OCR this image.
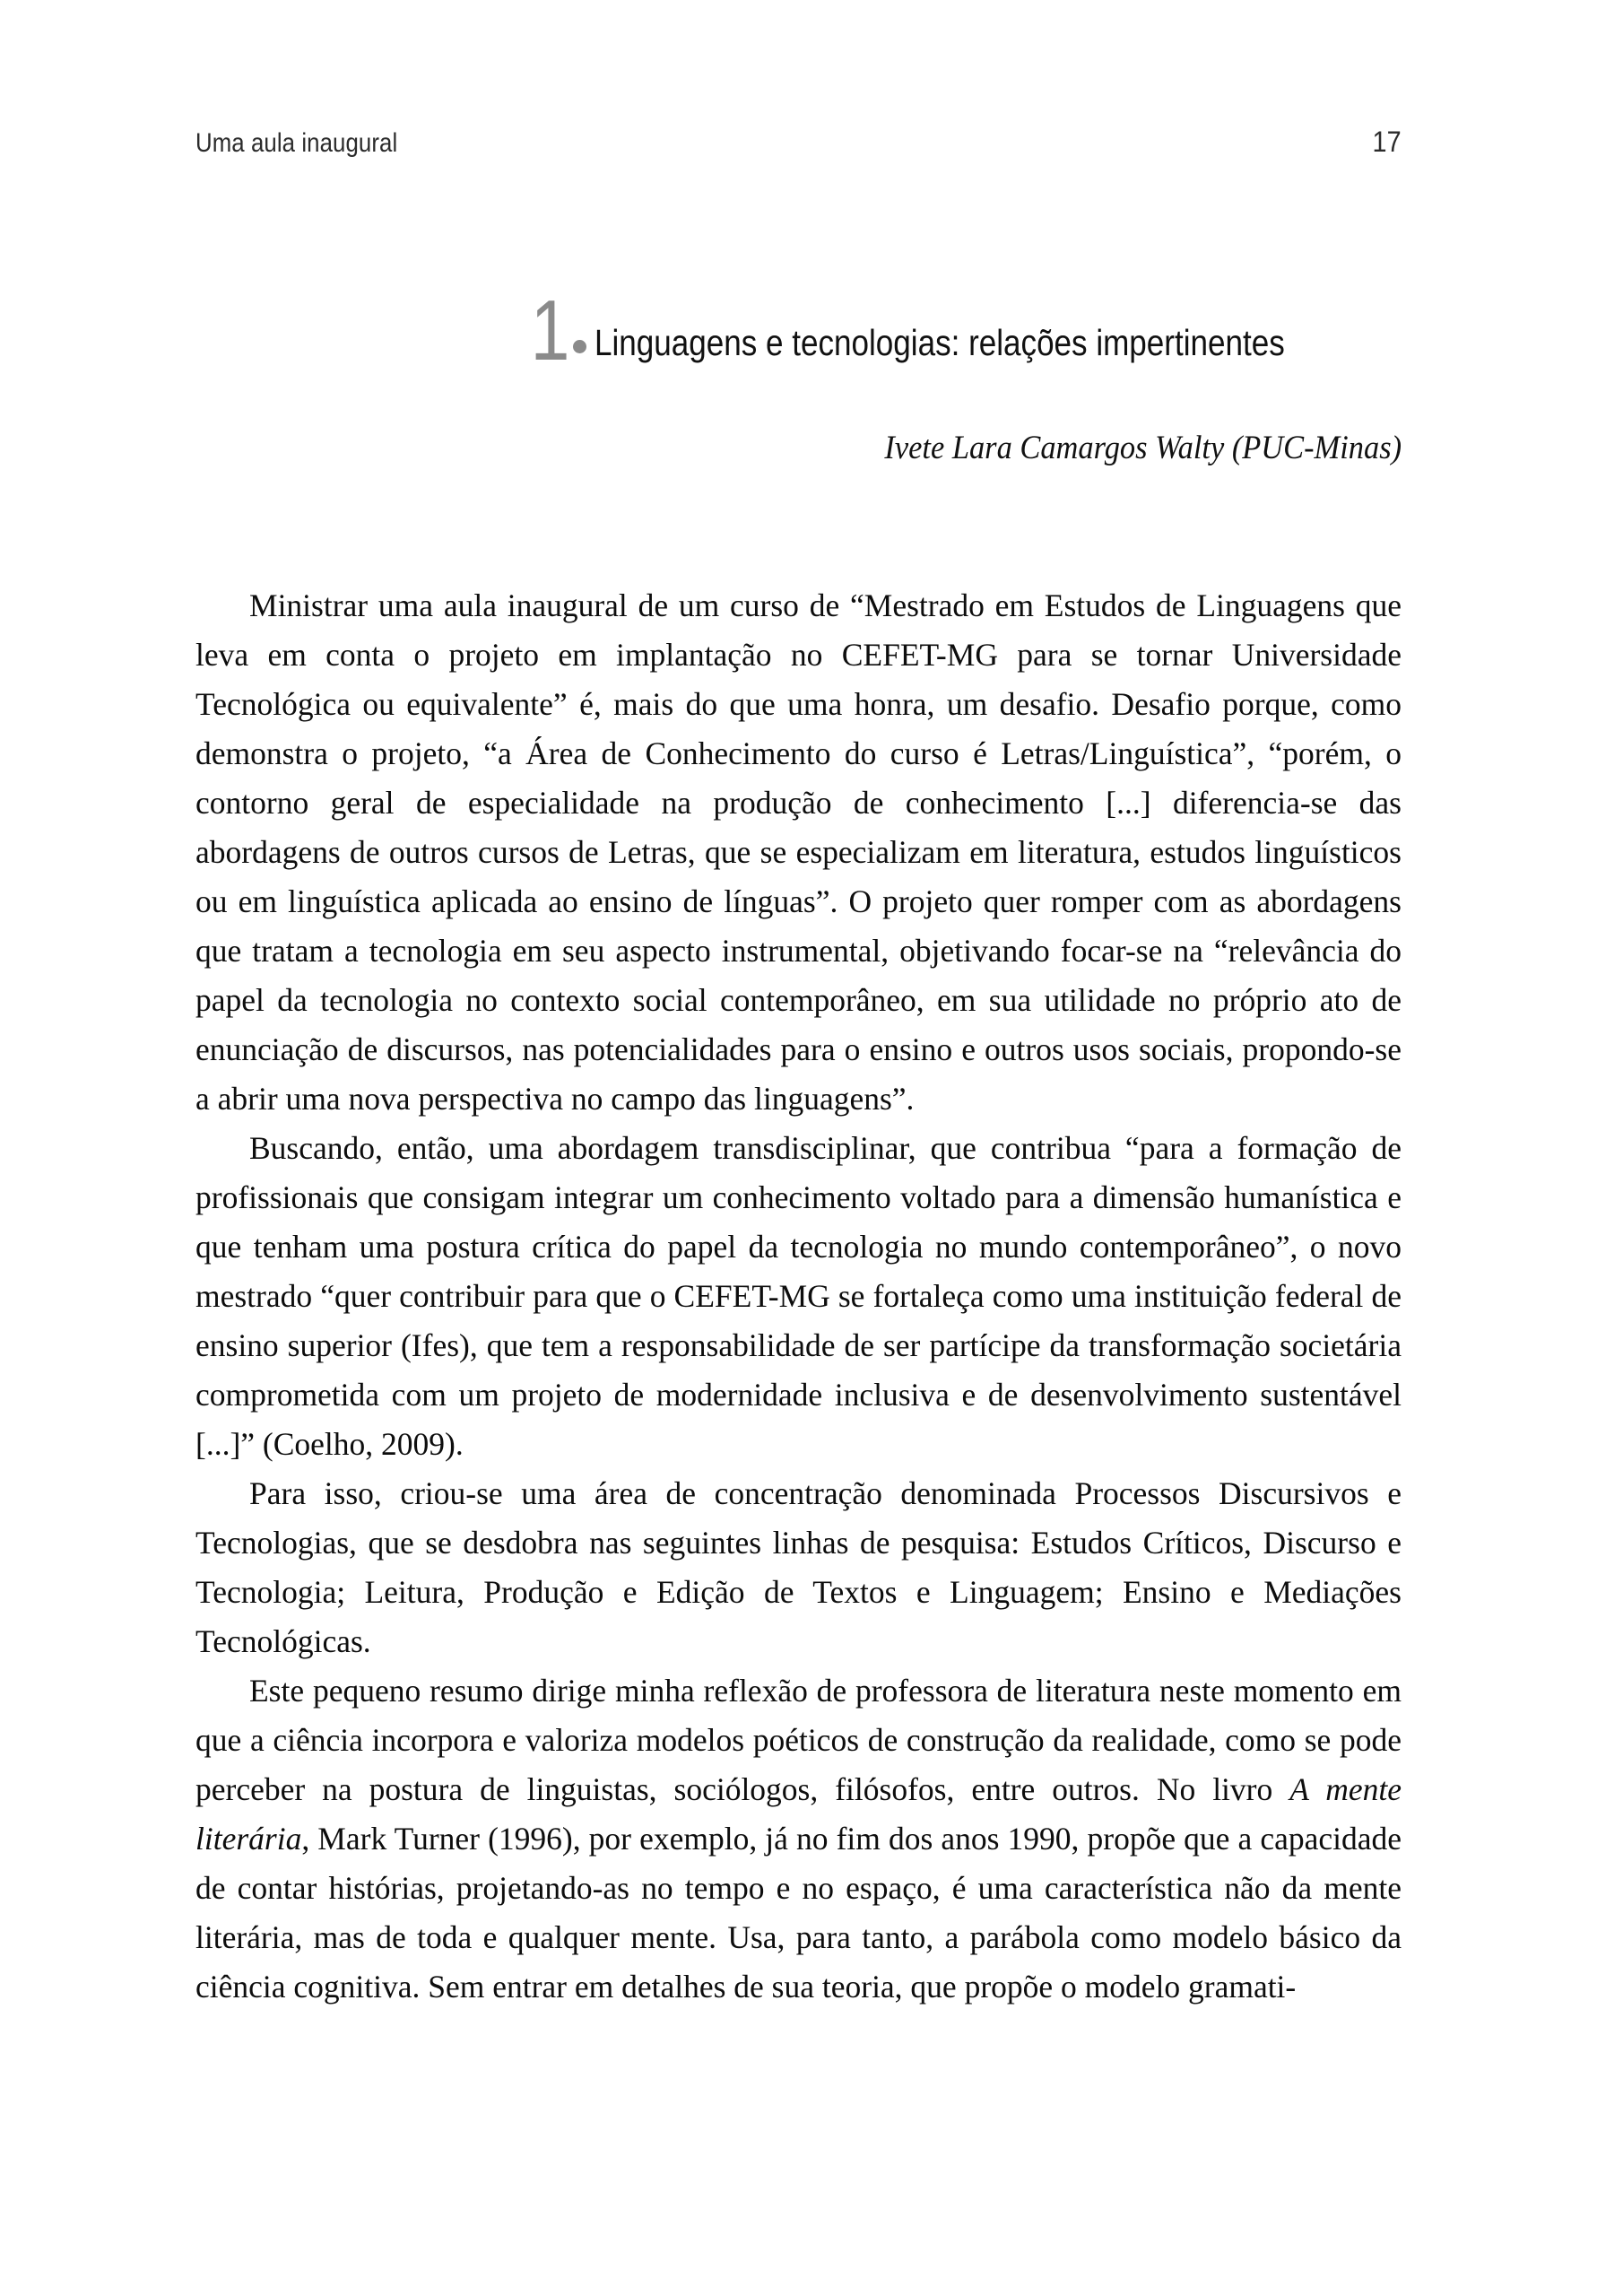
Uma aula inaugural	17
1 Linguagens e tecnologias: relações impertinentes
Ivete Lara Camargos Walty (PUC-Minas)

Ministrar uma aula inaugural de um curso de “Mestrado em Estudos de Linguagens que leva em conta o projeto em implantação no CEFET-MG para se tornar Universidade Tecnológica ou equivalente” é, mais do que uma honra, um desafio. Desafio porque, como demonstra o projeto, “a Área de Conhecimento do curso é Letras/Linguística”, “porém, o contorno geral de especialidade na produção de conhecimento [...] diferencia-se das abordagens de outros cursos de Letras, que se especializam em literatura, estudos linguísticos ou em linguística aplicada ao ensino de línguas”. O projeto quer romper com as abordagens que tratam a tecnologia em seu aspecto instrumental, objetivando focar-se na “relevância do papel da tecnologia no contexto social contemporâneo, em sua utilidade no próprio ato de enunciação de discursos, nas potencialidades para o ensino e outros usos sociais, propondo-se a abrir uma nova perspectiva no campo das linguagens”.

Buscando, então, uma abordagem transdisciplinar, que contribua “para a formação de profissionais que consigam integrar um conhecimento voltado para a dimensão humanística e que tenham uma postura crítica do papel da tecnologia no mundo contemporâneo”, o novo mestrado “quer contribuir para que o CEFET-MG se fortaleça como uma instituição federal de ensino superior (Ifes), que tem a responsabilidade de ser partícipe da transformação societária comprometida com um projeto de modernidade inclusiva e de desenvolvimento sustentável [...]” (Coelho, 2009).

Para isso, criou-se uma área de concentração denominada Processos Discursivos e Tecnologias, que se desdobra nas seguintes linhas de pesquisa: Estudos Críticos, Discurso e Tecnologia; Leitura, Produção e Edição de Textos e Linguagem; Ensino e Mediações Tecnológicas.

Este pequeno resumo dirige minha reflexão de professora de literatura neste momento em que a ciência incorpora e valoriza modelos poéticos de construção da realidade, como se pode perceber na postura de linguistas, sociólogos, filósofos, entre outros. No livro A mente literária, Mark Turner (1996), por exemplo, já no fim dos anos 1990, propõe que a capacidade de contar histórias, projetando-as no tempo e no espaço, é uma característica não da mente literária, mas de toda e qualquer mente. Usa, para tanto, a parábola como modelo básico da ciência cognitiva. Sem entrar em detalhes de sua teoria, que propõe o modelo gramati-
